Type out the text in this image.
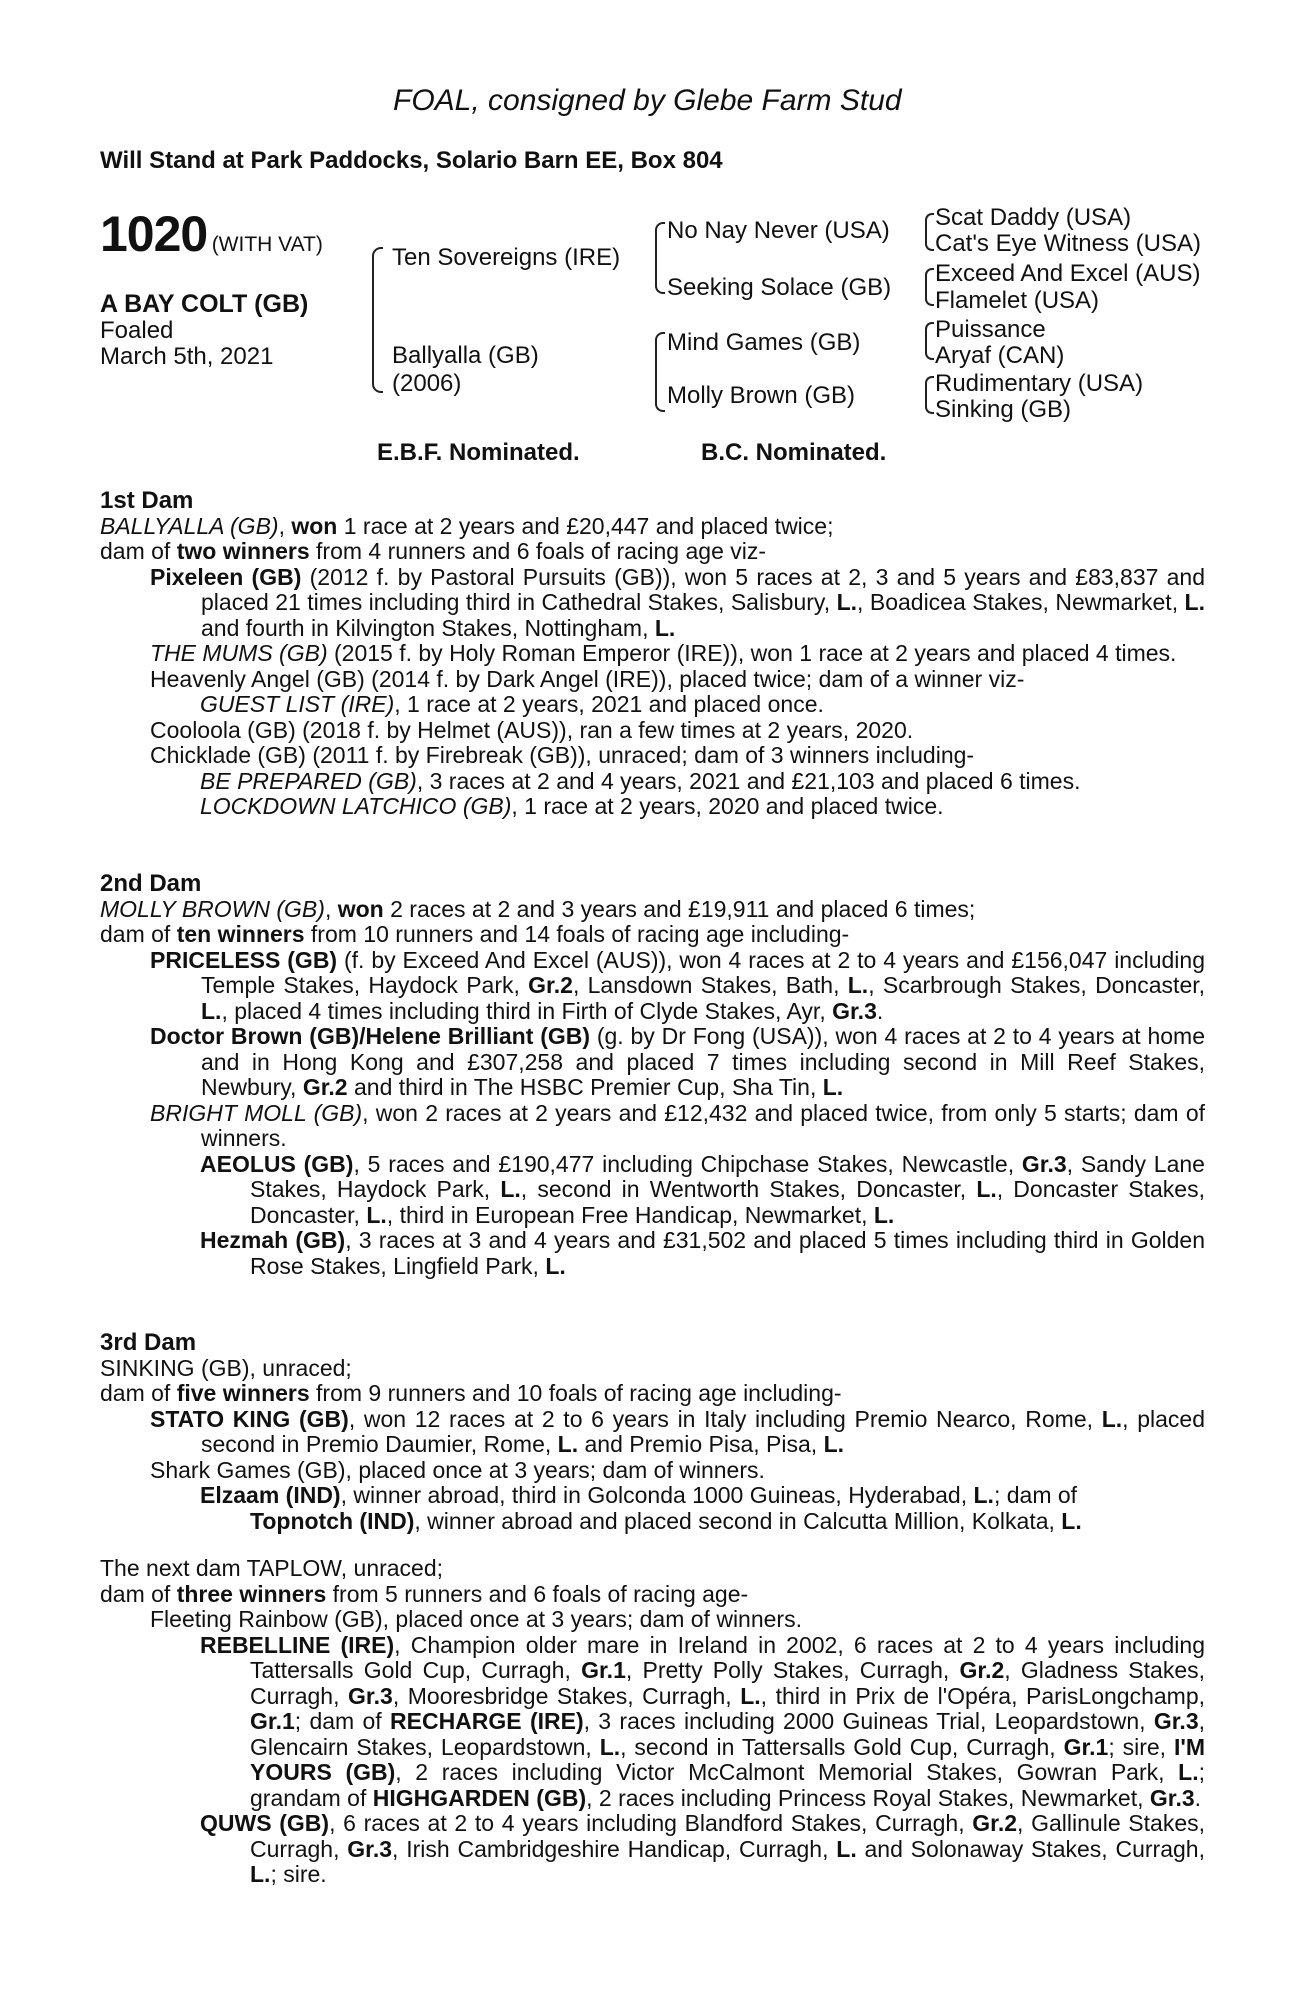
FOAL, consigned by Glebe Farm Stud
Will Stand at Park Paddocks, Solario Barn EE, Box 804
1020 (WITH VAT)
A BAY COLT (GB)
Foaled
March 5th, 2021
Ten Sovereigns (IRE)
Ballyalla (GB)
(2006)
No Nay Never (USA)
Seeking Solace (GB)
Mind Games (GB)
Molly Brown (GB)
Scat Daddy (USA)
Cat's Eye Witness (USA)
Exceed And Excel (AUS)
Flamelet (USA)
Puissance
Aryaf (CAN)
Rudimentary (USA)
Sinking (GB)
E.B.F. Nominated.	B.C. Nominated.
1st Dam
BALLYALLA (GB), won 1 race at 2 years and £20,447 and placed twice;
dam of two winners from 4 runners and 6 foals of racing age viz-
Pixeleen (GB) (2012 f. by Pastoral Pursuits (GB)), won 5 races at 2, 3 and 5 years and £83,837 and placed 21 times including third in Cathedral Stakes, Salisbury, L., Boadicea Stakes, Newmarket, L. and fourth in Kilvington Stakes, Nottingham, L.
THE MUMS (GB) (2015 f. by Holy Roman Emperor (IRE)), won 1 race at 2 years and placed 4 times.
Heavenly Angel (GB) (2014 f. by Dark Angel (IRE)), placed twice; dam of a winner viz-
GUEST LIST (IRE), 1 race at 2 years, 2021 and placed once.
Cooloola (GB) (2018 f. by Helmet (AUS)), ran a few times at 2 years, 2020.
Chicklade (GB) (2011 f. by Firebreak (GB)), unraced; dam of 3 winners including-
BE PREPARED (GB), 3 races at 2 and 4 years, 2021 and £21,103 and placed 6 times.
LOCKDOWN LATCHICO (GB), 1 race at 2 years, 2020 and placed twice.
2nd Dam
MOLLY BROWN (GB), won 2 races at 2 and 3 years and £19,911 and placed 6 times;
dam of ten winners from 10 runners and 14 foals of racing age including-
PRICELESS (GB) (f. by Exceed And Excel (AUS)), won 4 races at 2 to 4 years and £156,047 including Temple Stakes, Haydock Park, Gr.2, Lansdown Stakes, Bath, L., Scarbrough Stakes, Doncaster, L., placed 4 times including third in Firth of Clyde Stakes, Ayr, Gr.3.
Doctor Brown (GB)/Helene Brilliant (GB) (g. by Dr Fong (USA)), won 4 races at 2 to 4 years at home and in Hong Kong and £307,258 and placed 7 times including second in Mill Reef Stakes, Newbury, Gr.2 and third in The HSBC Premier Cup, Sha Tin, L.
BRIGHT MOLL (GB), won 2 races at 2 years and £12,432 and placed twice, from only 5 starts; dam of winners.
AEOLUS (GB), 5 races and £190,477 including Chipchase Stakes, Newcastle, Gr.3, Sandy Lane Stakes, Haydock Park, L., second in Wentworth Stakes, Doncaster, L., Doncaster Stakes, Doncaster, L., third in European Free Handicap, Newmarket, L.
Hezmah (GB), 3 races at 3 and 4 years and £31,502 and placed 5 times including third in Golden Rose Stakes, Lingfield Park, L.
3rd Dam
SINKING (GB), unraced;
dam of five winners from 9 runners and 10 foals of racing age including-
STATO KING (GB), won 12 races at 2 to 6 years in Italy including Premio Nearco, Rome, L., placed second in Premio Daumier, Rome, L. and Premio Pisa, Pisa, L.
Shark Games (GB), placed once at 3 years; dam of winners.
Elzaam (IND), winner abroad, third in Golconda 1000 Guineas, Hyderabad, L.; dam of
Topnotch (IND), winner abroad and placed second in Calcutta Million, Kolkata, L.
The next dam TAPLOW, unraced;
dam of three winners from 5 runners and 6 foals of racing age-
Fleeting Rainbow (GB), placed once at 3 years; dam of winners.
REBELLINE (IRE), Champion older mare in Ireland in 2002, 6 races at 2 to 4 years including Tattersalls Gold Cup, Curragh, Gr.1, Pretty Polly Stakes, Curragh, Gr.2, Gladness Stakes, Curragh, Gr.3, Mooresbridge Stakes, Curragh, L., third in Prix de l'Opéra, ParisLongchamp, Gr.1; dam of RECHARGE (IRE), 3 races including 2000 Guineas Trial, Leopardstown, Gr.3, Glencairn Stakes, Leopardstown, L., second in Tattersalls Gold Cup, Curragh, Gr.1; sire, I'M YOURS (GB), 2 races including Victor McCalmont Memorial Stakes, Gowran Park, L.; grandam of HIGHGARDEN (GB), 2 races including Princess Royal Stakes, Newmarket, Gr.3.
QUWS (GB), 6 races at 2 to 4 years including Blandford Stakes, Curragh, Gr.2, Gallinule Stakes, Curragh, Gr.3, Irish Cambridgeshire Handicap, Curragh, L. and Solonaway Stakes, Curragh, L.; sire.
